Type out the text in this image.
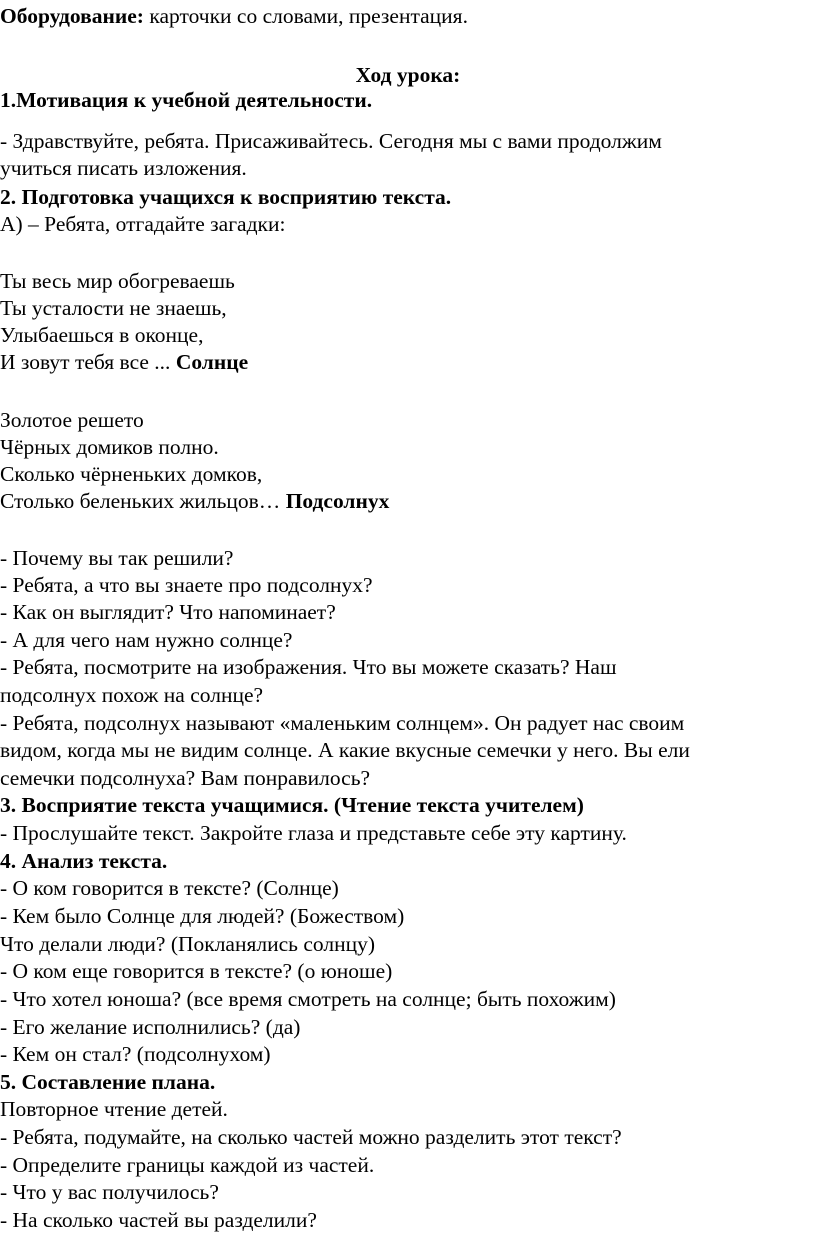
Оборудование: карточки со словами, презентация.
Ход урока:
1.Мотивация к учебной деятельности.
- Здравствуйте, ребята. Присаживайтесь. Сегодня мы с вами продолжим
учиться писать изложения.
2. Подготовка учащихся к восприятию текста.
А) – Ребята, отгадайте загадки:
Ты весь мир обогреваешь
Ты усталости не знаешь,
Улыбаешься в оконце,
И зовут тебя все ... Солнце
Золотое решето
Чёрных домиков полно.
Сколько чёрненьких домков,
Столько беленьких жильцов… Подсолнух
- Почему вы так решили?
- Ребята, а что вы знаете про подсолнух?
- Как он выглядит? Что напоминает?
- А для чего нам нужно солнце?
- Ребята, посмотрите на изображения. Что вы можете сказать? Наш
подсолнух похож на солнце?
- Ребята, подсолнух называют «маленьким солнцем». Он радует нас своим
видом, когда мы не видим солнце. А какие вкусные семечки у него. Вы ели
семечки подсолнуха? Вам понравилось?
3. Восприятие текста учащимися. (Чтение текста учителем)
- Прослушайте текст. Закройте глаза и представьте себе эту картину.
4. Анализ текста.
- О ком говорится в тексте? (Солнце)
- Кем было Солнце для людей? (Божеством)
Что делали люди? (Покланялись солнцу)
- О ком еще говорится в тексте? (о юноше)
- Что хотел юноша? (все время смотреть на солнце; быть похожим)
- Его желание исполнились? (да)
- Кем он стал? (подсолнухом)
5. Составление плана.
Повторное чтение детей.
- Ребята, подумайте, на сколько частей можно разделить этот текст?
- Определите границы каждой из частей.
- Что у вас получилось?
- На сколько частей вы разделили?
